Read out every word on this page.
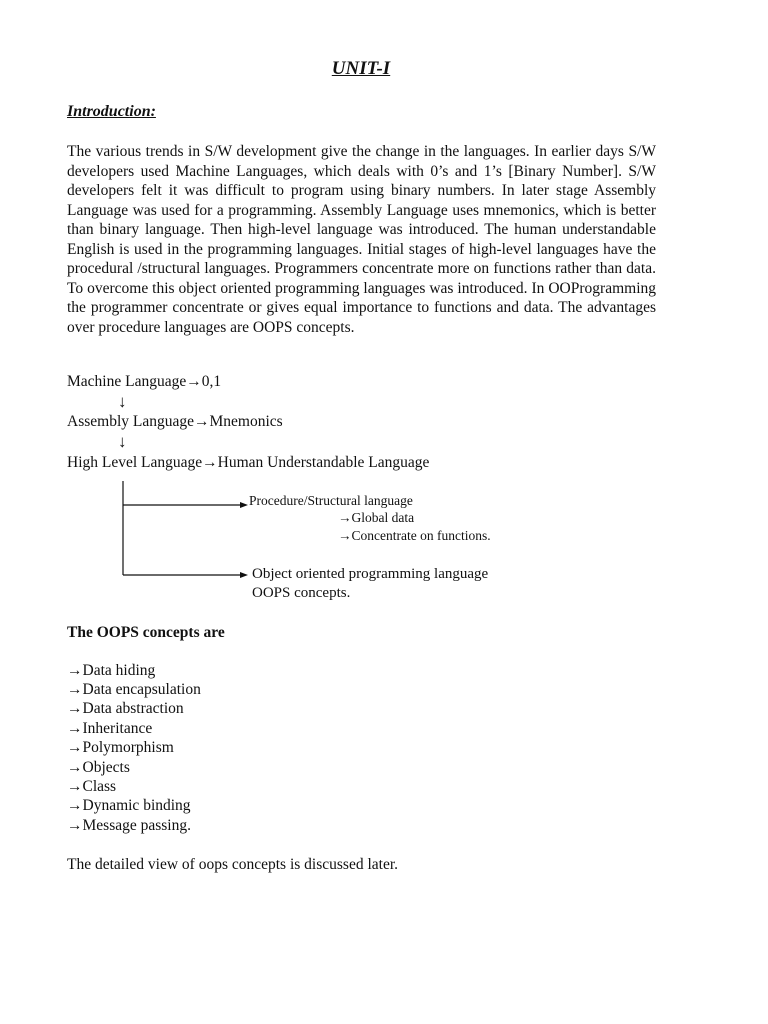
UNIT-I
Introduction:

The various trends in S/W development give the change in the languages. In earlier days S/W developers used Machine Languages, which deals with 0’s and 1’s [Binary Number]. S/W developers felt it was difficult to program using binary numbers. In later stage Assembly Language was used for a programming. Assembly Language uses mnemonics, which is better than binary language. Then high-level language was introduced. The human understandable English is used in the programming languages. Initial stages of high-level languages have the procedural /structural languages. Programmers concentrate more on functions rather than data. To overcome this object oriented programming languages was introduced. In OOProgramming the programmer concentrate or gives equal importance to functions and data. The advantages over procedure languages are OOPS concepts.

Machine Language→0,1
↓
Assembly Language→Mnemonics
↓
High Level Language→Human Understandable Language
Procedure/Structural language
→Global data
→Concentrate on functions.
Object oriented programming language
OOPS concepts.
The OOPS concepts are
→Data hiding
→Data encapsulation
→Data abstraction
→Inheritance
→Polymorphism
→Objects
→Class
→Dynamic binding
→Message passing.
The detailed view of oops concepts is discussed later.
